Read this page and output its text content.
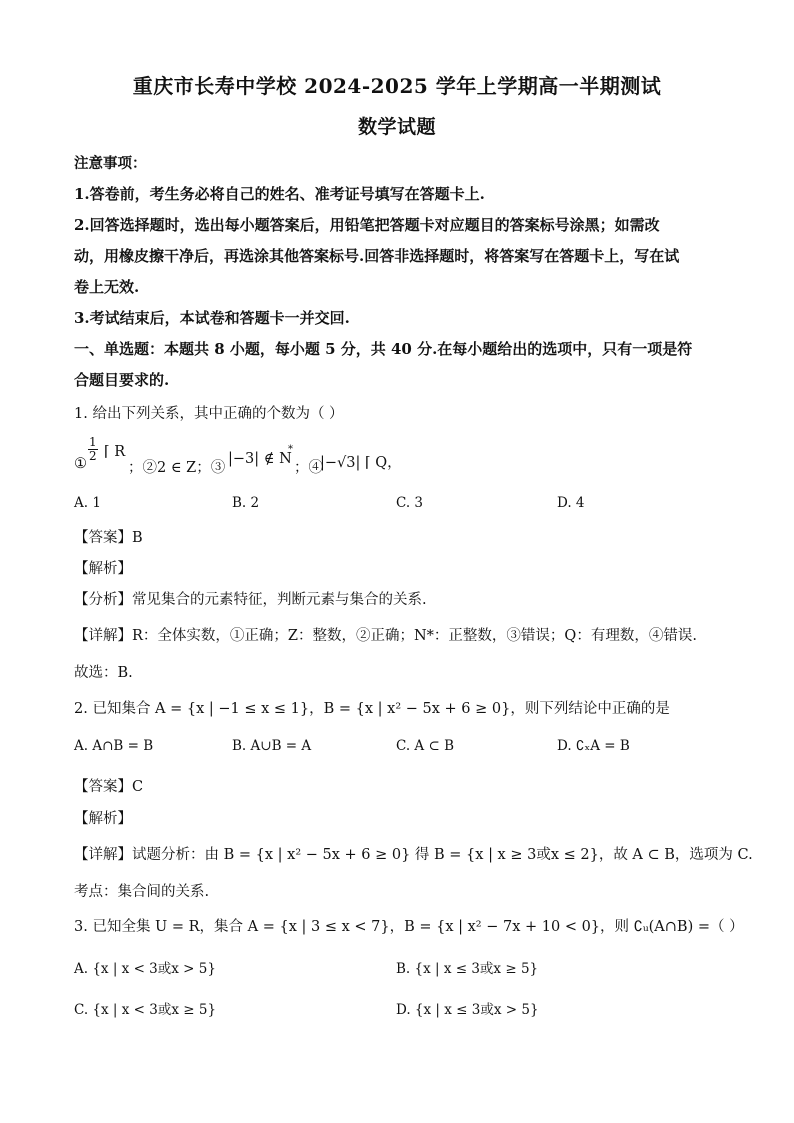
重庆市长寿中学校 2024-2025 学年上学期高一半期测试
数学试题
注意事项：
1.答卷前，考生务必将自己的姓名、准考证号填写在答题卡上.
2.回答选择题时，选出每小题答案后，用铅笔把答题卡对应题目的答案标号涂黑；如需改
动，用橡皮擦干净后，再选涂其他答案标号.回答非选择题时，将答案写在答题卡上，写在试
卷上无效.
3.考试结束后，本试卷和答题卡一并交回.
一、单选题：本题共 8 小题，每小题 5 分，共 40 分.在每小题给出的选项中，只有一项是符
合题目要求的.
1. 给出下列关系，其中正确的个数为（ ）
①
$\frac{1}{2}$ ⌈ R
；②2 ∈ Z；③
|−3| ∉ N
*
；④
|−√3| ⌈ Q，
A. 1	B. 2	C. 3	D. 4
【答案】B
【解析】
【分析】常见集合的元素特征，判断元素与集合的关系.
【详解】R：全体实数，①正确；Z：整数，②正确；N*：正整数，③错误；Q：有理数，④错误.
故选：B.
2. 已知集合 A = {x | −1 ≤ x ≤ 1}，B = {x | x² − 5x + 6 ≥ 0}，则下列结论中正确的是
A. A∩B = B	B. A∪B = A	C. A ⊂ B	D. ∁ₓA = B
【答案】C
【解析】
【详解】试题分析：由 B = {x | x² − 5x + 6 ≥ 0} 得 B = {x | x ≥ 3或x ≤ 2}，故 A ⊂ B，选项为 C.
考点：集合间的关系.
3. 已知全集 U = R，集合 A = {x | 3 ≤ x < 7}，B = {x | x² − 7x + 10 < 0}，则 ∁ᵤ(A∩B) =（ ）
A. {x | x < 3或x > 5}	B. {x | x ≤ 3或x ≥ 5}
C. {x | x < 3或x ≥ 5}	D. {x | x ≤ 3或x > 5}
